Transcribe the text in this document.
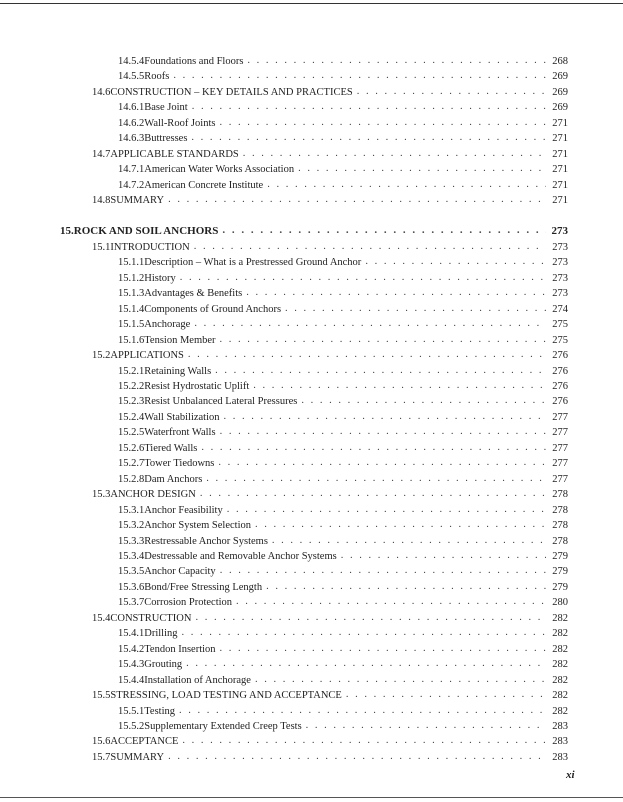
14.5.4 Foundations and Floors . . .	268
14.5.5 Roofs . . .	269
14.6 CONSTRUCTION – KEY DETAILS AND PRACTICES . . .	269
14.6.1 Base Joint . . .	269
14.6.2 Wall-Roof Joints . . .	271
14.6.3 Buttresses . . .	271
14.7 APPLICABLE STANDARDS . . .	271
14.7.1 American Water Works Association . . .	271
14.7.2 American Concrete Institute . . .	271
14.8 SUMMARY . . .	271
15. ROCK AND SOIL ANCHORS . . .	273
15.1 INTRODUCTION . . .	273
15.1.1 Description – What is a Prestressed Ground Anchor . . .	273
15.1.2 History . . .	273
15.1.3 Advantages & Benefits . . .	273
15.1.4 Components of Ground Anchors . . .	274
15.1.5 Anchorage . . .	275
15.1.6 Tension Member . . .	275
15.2 APPLICATIONS . . .	276
15.2.1 Retaining Walls . . .	276
15.2.2 Resist Hydrostatic Uplift . . .	276
15.2.3 Resist Unbalanced Lateral Pressures . . .	276
15.2.4 Wall Stabilization . . .	277
15.2.5 Waterfront Walls . . .	277
15.2.6 Tiered Walls . . .	277
15.2.7 Tower Tiedowns . . .	277
15.2.8 Dam Anchors . . .	277
15.3 ANCHOR DESIGN . . .	278
15.3.1 Anchor Feasibility . . .	278
15.3.2 Anchor System Selection . . .	278
15.3.3 Restressable Anchor Systems . . .	278
15.3.4 Destressable and Removable Anchor Systems . . .	279
15.3.5 Anchor Capacity . . .	279
15.3.6 Bond/Free Stressing Length . . .	279
15.3.7 Corrosion Protection . . .	280
15.4 CONSTRUCTION . . .	282
15.4.1 Drilling . . .	282
15.4.2 Tendon Insertion . . .	282
15.4.3 Grouting . . .	282
15.4.4 Installation of Anchorage . . .	282
15.5 STRESSING, LOAD TESTING AND ACCEPTANCE . . .	282
15.5.1 Testing . . .	282
15.5.2 Supplementary Extended Creep Tests . . .	283
15.6 ACCEPTANCE . . .	283
15.7 SUMMARY . . .	283
xi
